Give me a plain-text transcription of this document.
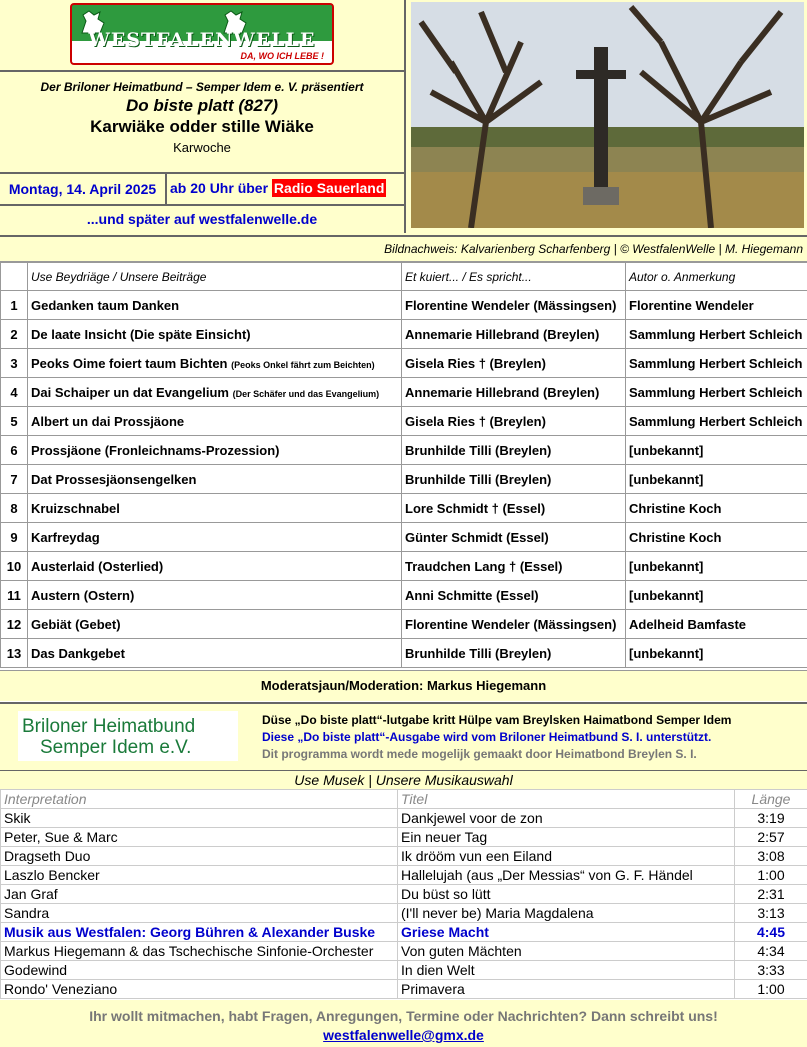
WESTFALENWELLE
DA, WO ICH LEBE !
Der Briloner Heimatbund – Semper Idem e. V. präsentiert
Do biste platt (827)
Karwiäke odder stille Wiäke
Karwoche
Montag, 14. April 2025 ab 20 Uhr über Radio Sauerland
...und später auf westfalenwelle.de
Bildnachweis: Kalvarienberg Scharfenberg | © WestfalenWelle | M. Hiegemann
	Use Beydriäge / Unsere Beiträge	Et kuiert... / Es spricht...	Autor o. Anmerkung
1	Gedanken taum Danken	Florentine Wendeler (Mässingsen)	Florentine Wendeler
2	De laate Insicht (Die späte Einsicht)	Annemarie Hillebrand (Breylen)	Sammlung Herbert Schleich
3	Peoks Oime foiert taum Bichten (Peoks Onkel fährt zum Beichten)	Gisela Ries † (Breylen)	Sammlung Herbert Schleich
4	Dai Schaiper un dat Evangelium (Der Schäfer und das Evangelium)	Annemarie Hillebrand (Breylen)	Sammlung Herbert Schleich
5	Albert un dai Prossjäone	Gisela Ries † (Breylen)	Sammlung Herbert Schleich
6	Prossjäone (Fronleichnams-Prozession)	Brunhilde Tilli (Breylen)	[unbekannt]
7	Dat Prossesjäonsengelken	Brunhilde Tilli (Breylen)	[unbekannt]
8	Kruizschnabel	Lore Schmidt † (Essel)	Christine Koch
9	Karfreydag	Günter Schmidt (Essel)	Christine Koch
10	Austerlaid (Osterlied)	Traudchen Lang † (Essel)	[unbekannt]
11	Austern (Ostern)	Anni Schmitte (Essel)	[unbekannt]
12	Gebiät (Gebet)	Florentine Wendeler (Mässingsen)	Adelheid Bamfaste
13	Das Dankgebet	Brunhilde Tilli (Breylen)	[unbekannt]
Moderatsjaun/Moderation: Markus Hiegemann
Briloner Heimatbund
Semper Idem e.V.
Düse „Do biste platt“-lutgabe kritt Hülpe vam Breylsken Haimatbond Semper Idem
Diese „Do biste platt“-Ausgabe wird vom Briloner Heimatbund S. I. unterstützt.
Dit programma wordt mede mogelijk gemaakt door Heimatbond Breylen S. I.
Use Musek | Unsere Musikauswahl
Interpretation	Titel	Länge
Skik	Dankjewel voor de zon	3:19
Peter, Sue & Marc	Ein neuer Tag	2:57
Dragseth Duo	Ik drööm vun een Eiland	3:08
Laszlo Bencker	Hallelujah (aus „Der Messias“ von G. F. Händel	1:00
Jan Graf	Du büst so lütt	2:31
Sandra	(I'll never be) Maria Magdalena	3:13
Musik aus Westfalen: Georg Bühren & Alexander Buske	Griese Macht	4:45
Markus Hiegemann & das Tschechische Sinfonie-Orchester	Von guten Mächten	4:34
Godewind	In dien Welt	3:33
Rondo' Veneziano	Primavera	1:00
Ihr wollt mitmachen, habt Fragen, Anregungen, Termine oder Nachrichten? Dann schreibt uns!
westfalenwelle@gmx.de
